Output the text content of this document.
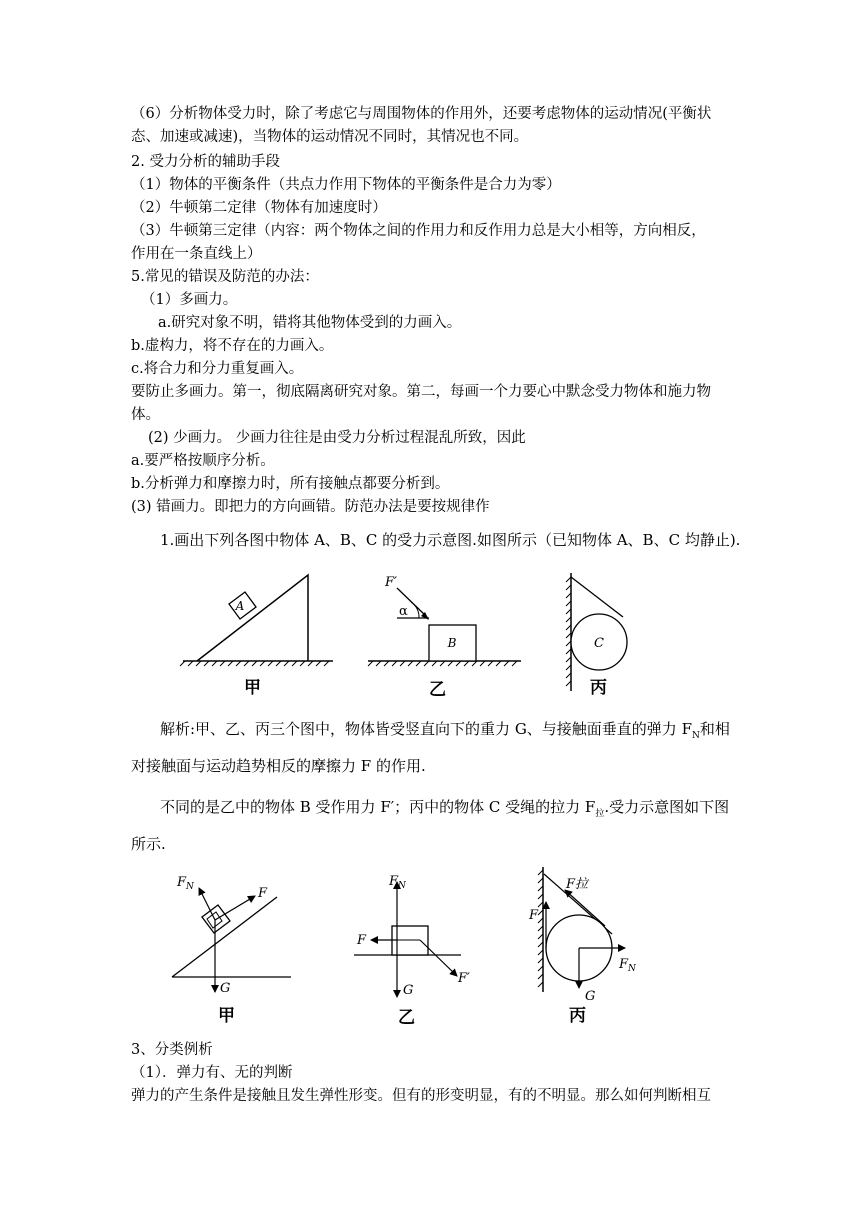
（6）分析物体受力时，除了考虑它与周围物体的作用外，还要考虑物体的运动情况(平衡状
态、加速或减速)，当物体的运动情况不同时，其情况也不同。
2. 受力分析的辅助手段
（1）物体的平衡条件（共点力作用下物体的平衡条件是合力为零）
（2）牛顿第二定律（物体有加速度时）
（3）牛顿第三定律（内容：两个物体之间的作用力和反作用力总是大小相等，方向相反，
作用在一条直线上）
5.常见的错误及防范的办法：
（1）多画力。
a.研究对象不明，错将其他物体受到的力画入。
b.虚构力，将不存在的力画入。
c.将合力和分力重复画入。
要防止多画力。第一，彻底隔离研究对象。第二，每画一个力要心中默念受力物体和施力物
体。
(2) 少画力。 少画力往往是由受力分析过程混乱所致，因此
a.要严格按顺序分析。
b.分析弹力和摩擦力时，所有接触点都要分析到。
(3) 错画力。即把力的方向画错。防范办法是要按规律作
1.画出下列各图中物体 A、B、C 的受力示意图.如图所示（已知物体 A、B、C 均静止).
A
B
F′
α
C
甲	乙	丙
解析:甲、乙、丙三个图中，物体皆受竖直向下的重力 G、与接触面垂直的弹力 $F_N$和相
对接触面与运动趋势相反的摩擦力 F 的作用.
不同的是乙中的物体 B 受作用力 F′；丙中的物体 C 受绳的拉力 $F_拉$.受力示意图如下图
所示.
$F_N$	F
G
$F_N$
F
F′
G
F拉
F
$F_N$
G
甲	乙	丙
3、分类例析
（1）．弹力有、无的判断
弹力的产生条件是接触且发生弹性形变。但有的形变明显，有的不明显。那么如何判断相互
